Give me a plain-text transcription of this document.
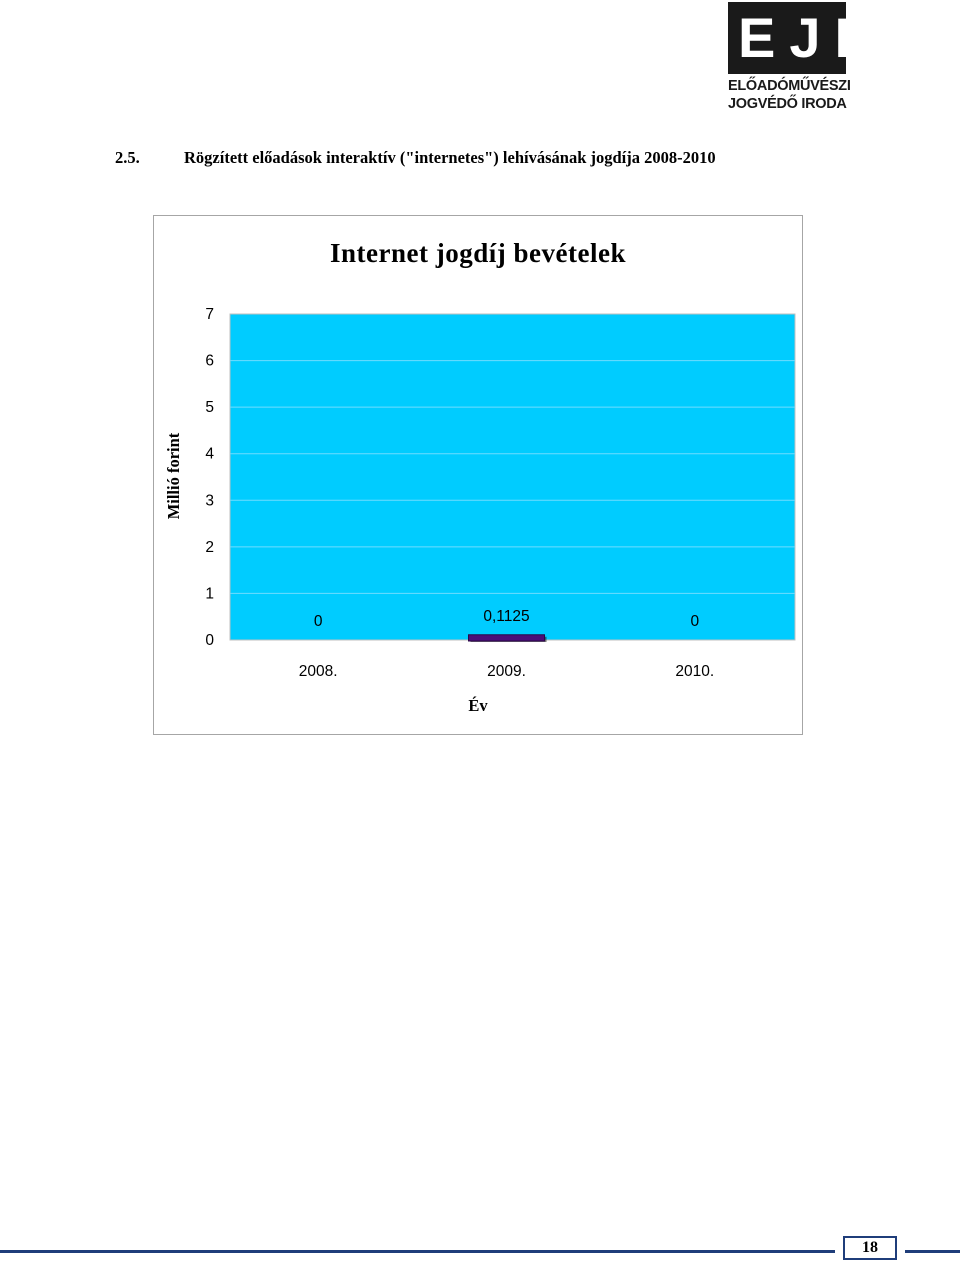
EJI
ELŐADÓMŰVÉSZI
JOGVÉDŐ IRODA
2.5.	Rögzített előadások interaktív ("internetes") lehívásának jogdíja 2008-2010
Internet jogdíj bevételek
Millió forint
Év
0
1
2
3
4
5
6
7
0
2008.
0,1125
2009.
0
2010.
18
